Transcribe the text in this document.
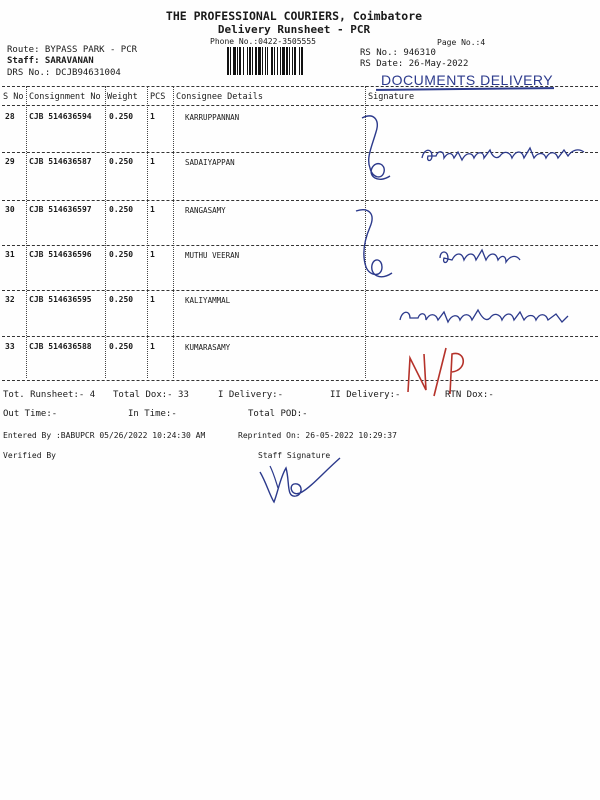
THE PROFESSIONAL COURIERS, Coimbatore
Delivery Runsheet - PCR
Phone No.:0422-3505555	Page No.:4
Route: BYPASS PARK - PCR
Staff: SARAVANAN
DRS No.: DCJB94631004
RS No.: 946310
RS Date: 26-May-2022
DOCUMENTS DELIVERY
S No Consignment No Weight PCS Consignee Details	Signature
28 CJB 514636594 0.250 1	KARRUPPANNAN
29 CJB 514636587 0.250 1	SADAIYAPPAN
30 CJB 514636597 0.250 1	RANGASAMY
31 CJB 514636596 0.250 1	MUTHU VEERAN
32 CJB 514636595 0.250 1	KALIYAMMAL
33 CJB 514636588 0.250 1	KUMARASAMY
Tot. Runsheet:- 4 Total Dox:- 33	I Delivery:-	II Delivery:-	RTN Dox:-
Out Time:-	In Time:-	Total POD:-
Entered By :BABUPCR 05/26/2022 10:24:30 AM	Reprinted On: 26-05-2022 10:29:37
Verified By	Staff Signature
N/P
